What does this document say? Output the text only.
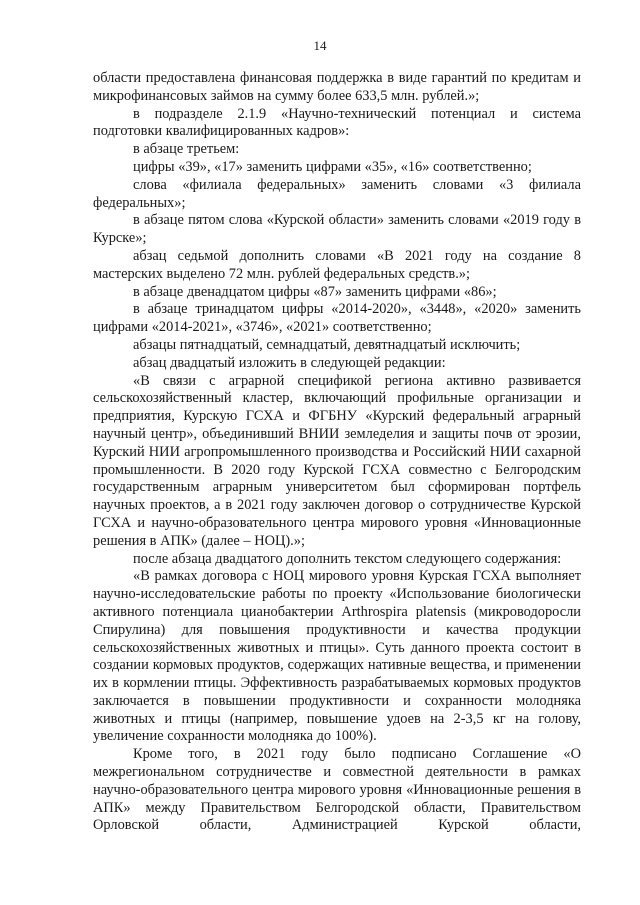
14

области предоставлена финансовая поддержка в виде гарантий по кредитам и микрофинансовых займов на сумму более 633,5 млн. рублей.»;

в подразделе 2.1.9 «Научно-технический потенциал и система подготовки квалифицированных кадров»:

в абзаце третьем:

цифры «39», «17» заменить цифрами «35», «16» соответственно;

слова «филиала федеральных» заменить словами «3 филиала федеральных»;

в абзаце пятом слова «Курской области» заменить словами «2019 году в Курске»;

абзац седьмой дополнить словами «В 2021 году на создание 8 мастерских выделено 72 млн. рублей федеральных средств.»;

в абзаце двенадцатом цифры «87» заменить цифрами «86»;

в абзаце тринадцатом цифры «2014-2020», «3448», «2020» заменить цифрами «2014-2021», «3746», «2021» соответственно;

абзацы пятнадцатый, семнадцатый, девятнадцатый исключить;

абзац двадцатый изложить в следующей редакции:

«В связи с аграрной спецификой региона активно развивается сельскохозяйственный кластер, включающий профильные организации и предприятия, Курскую ГСХА и ФГБНУ «Курский федеральный аграрный научный центр», объединивший ВНИИ земледелия и защиты почв от эрозии, Курский НИИ агропромышленного производства и Российский НИИ сахарной промышленности. В 2020 году Курской ГСХА совместно с Белгородским государственным аграрным университетом был сформирован портфель научных проектов, а в 2021 году заключен договор о сотрудничестве Курской ГСХА и научно-образовательного центра мирового уровня «Инновационные решения в АПК» (далее – НОЦ).»;

после абзаца двадцатого дополнить текстом следующего содержания:

«В рамках договора с НОЦ мирового уровня Курская ГСХА выполняет научно-исследовательские работы по проекту «Использование биологически активного потенциала цианобактерии Arthrospira platensis (микроводоросли Спирулина) для повышения продуктивности и качества продукции сельскохозяйственных животных и птицы». Суть данного проекта состоит в создании кормовых продуктов, содержащих нативные вещества, и применении их в кормлении птицы. Эффективность разрабатываемых кормовых продуктов заключается в повышении продуктивности и сохранности молодняка животных и птицы (например, повышение удоев на 2-3,5 кг на голову, увеличение сохранности молодняка до 100%).

Кроме того, в 2021 году было подписано Соглашение «О межрегиональном сотрудничестве и совместной деятельности в рамках научно-образовательного центра мирового уровня «Инновационные решения в АПК» между Правительством Белгородской области, Правительством Орловской области, Администрацией Курской области,
